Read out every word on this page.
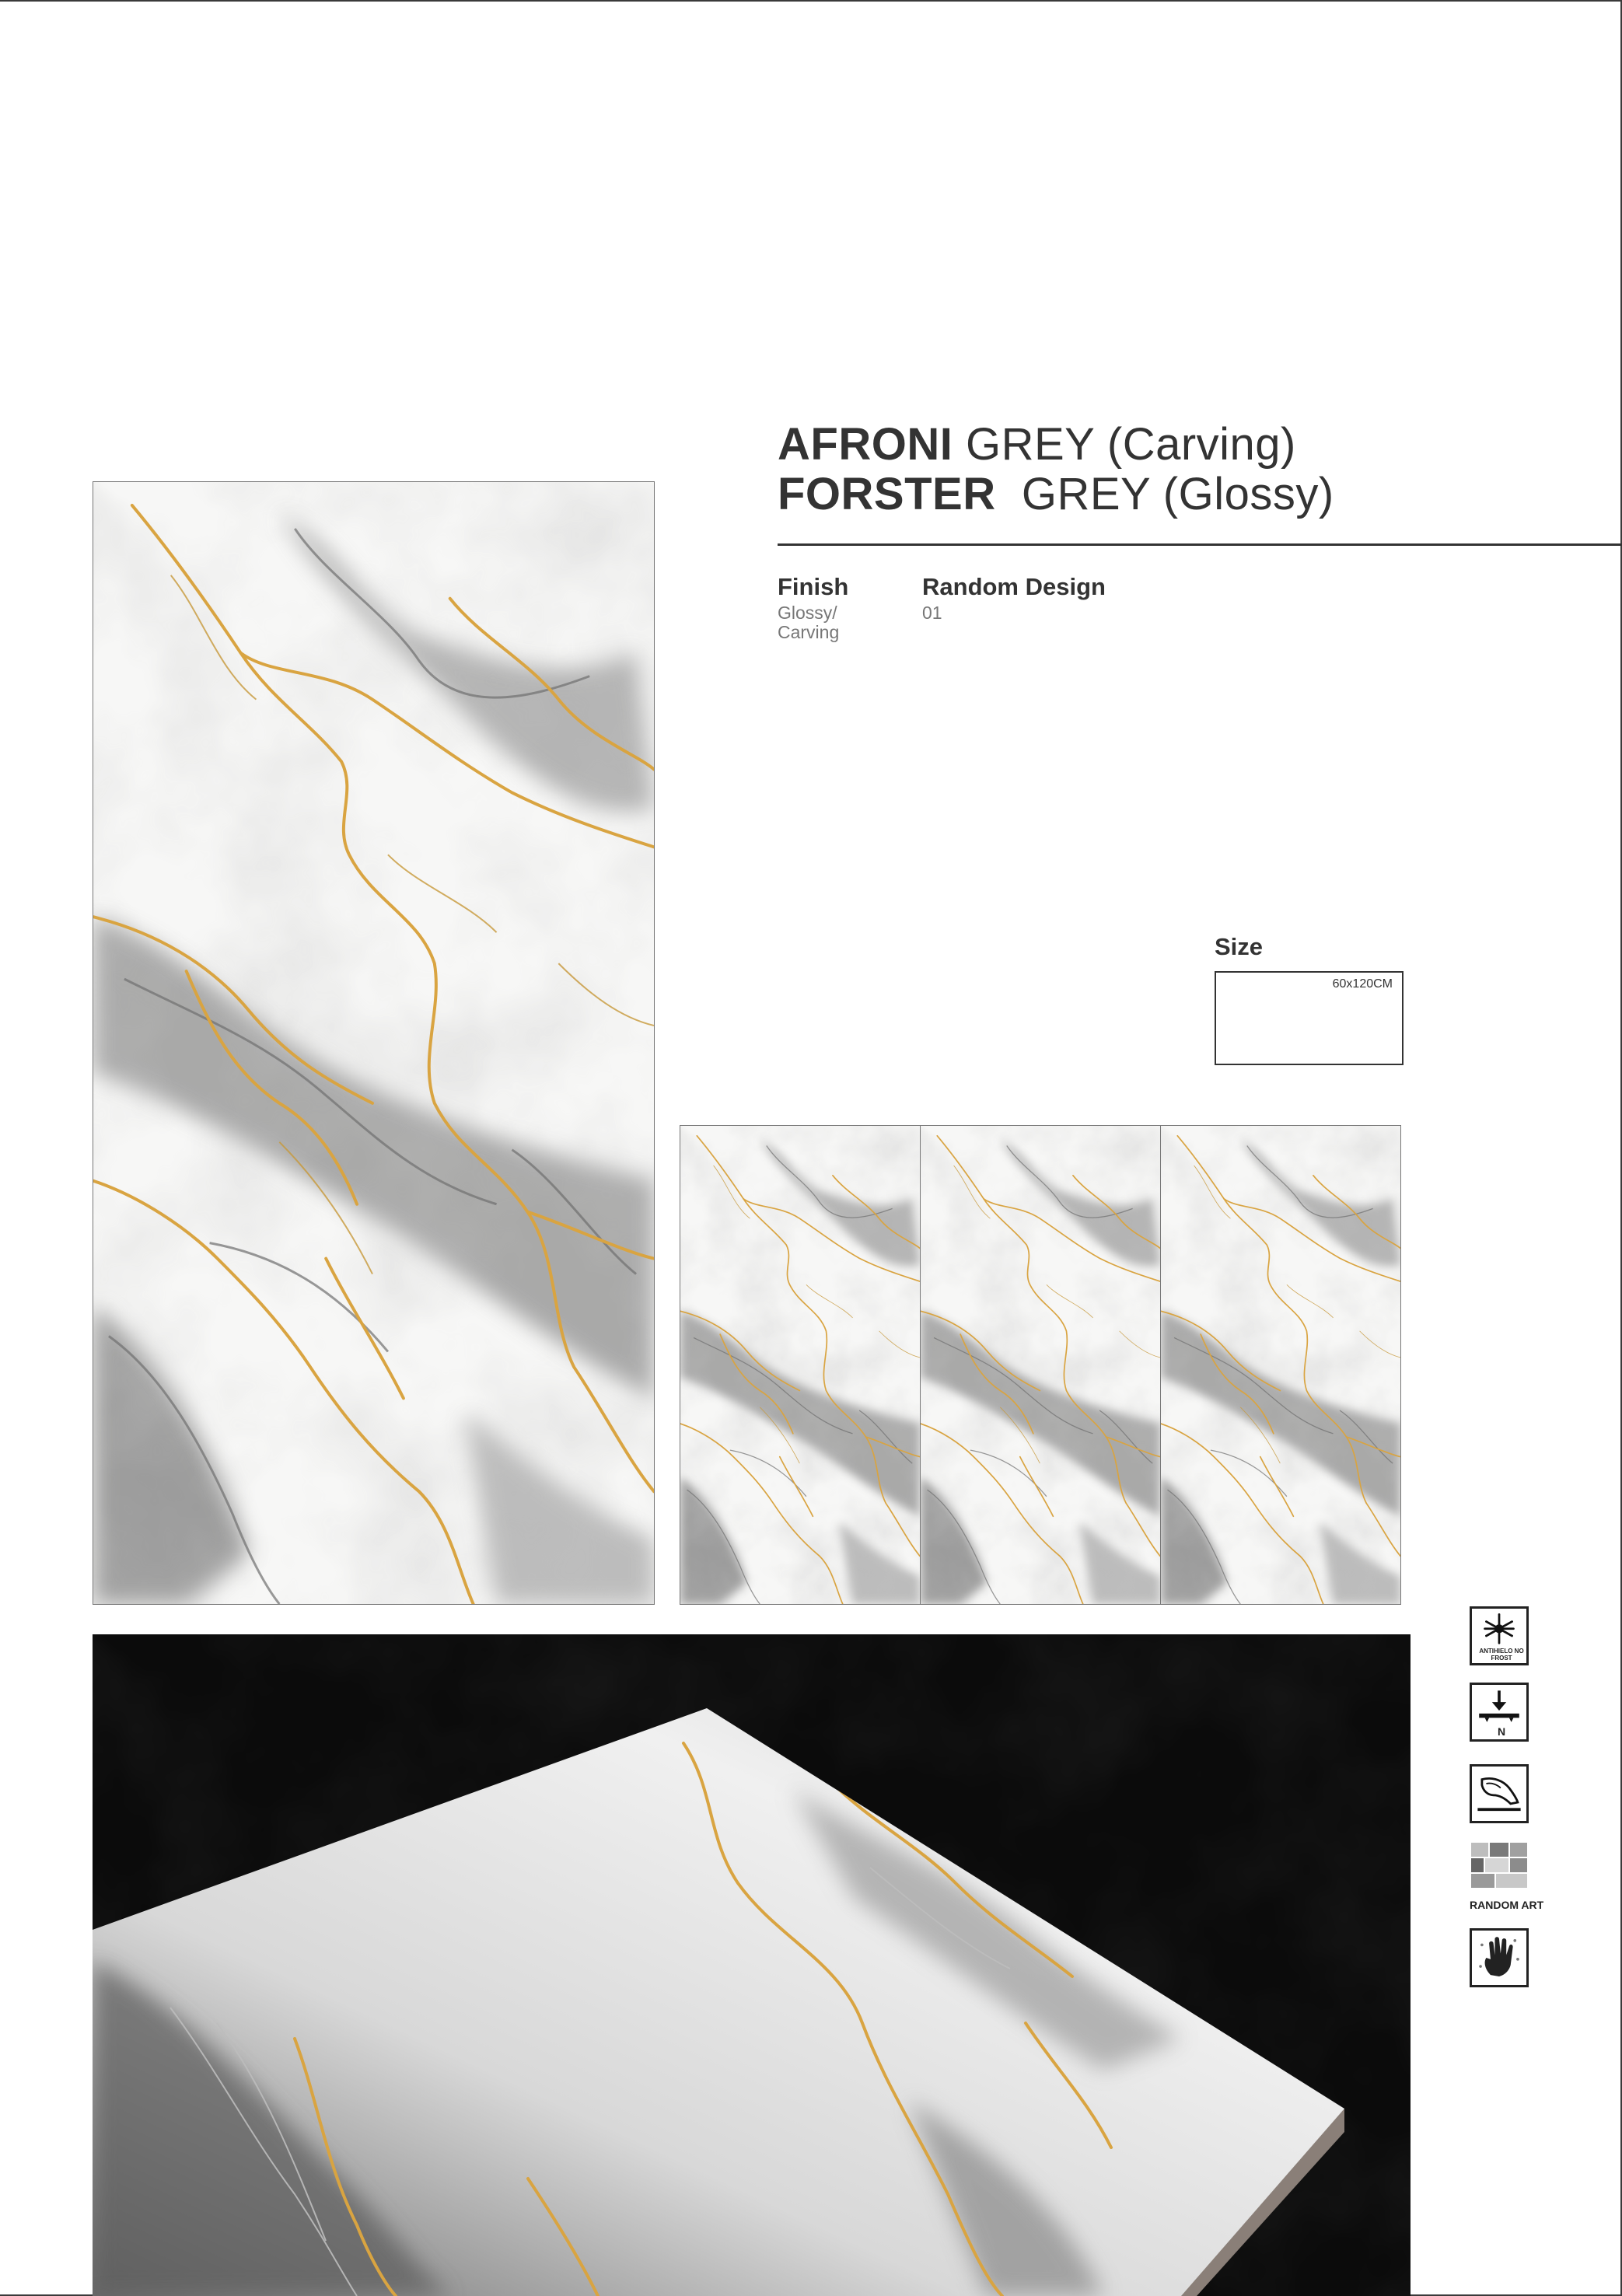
AFRONI GREY (Carving)
FORSTER GREY (Glossy)
Finish
Glossy/
Carving
Random Design
01
Size
60x120CM
ANTIHIELO NO FROST
N
RANDOM ART
